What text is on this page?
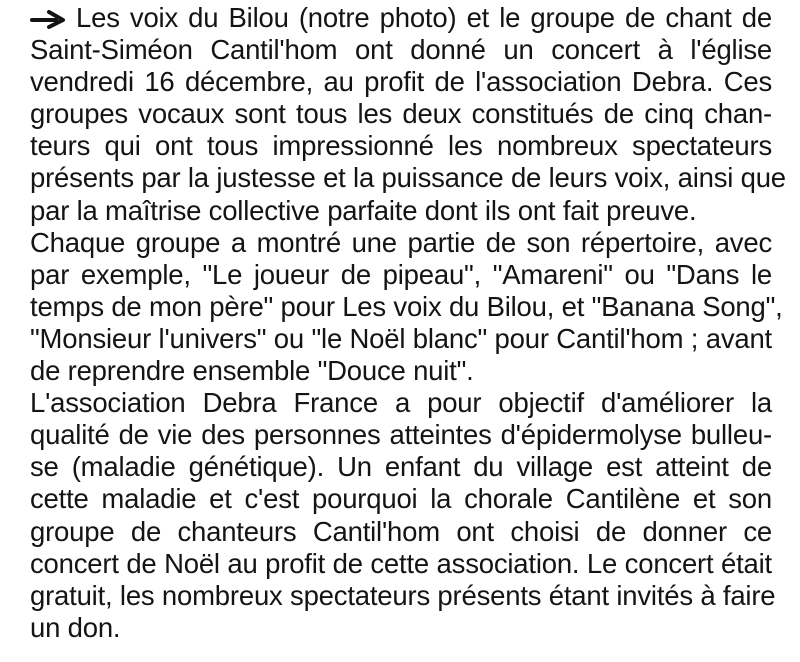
Les voix du Bilou (notre photo) et le groupe de chant de
Saint-Siméon Cantil'hom ont donné un concert à l'église
vendredi 16 décembre, au profit de l'association Debra. Ces
groupes vocaux sont tous les deux constitués de cinq chan-
teurs qui ont tous impressionné les nombreux spectateurs
présents par la justesse et la puissance de leurs voix, ainsi que
par la maîtrise collective parfaite dont ils ont fait preuve.
Chaque groupe a montré une partie de son répertoire, avec
par exemple, "Le joueur de pipeau", "Amareni" ou "Dans le
temps de mon père" pour Les voix du Bilou, et "Banana Song",
"Monsieur l'univers" ou "le Noël blanc" pour Cantil'hom ; avant
de reprendre ensemble "Douce nuit".
L'association Debra France a pour objectif d'améliorer la
qualité de vie des personnes atteintes d'épidermolyse bulleu-
se (maladie génétique). Un enfant du village est atteint de
cette maladie et c'est pourquoi la chorale Cantilène et son
groupe de chanteurs Cantil'hom ont choisi de donner ce
concert de Noël au profit de cette association. Le concert était
gratuit, les nombreux spectateurs présents étant invités à faire
un don.
